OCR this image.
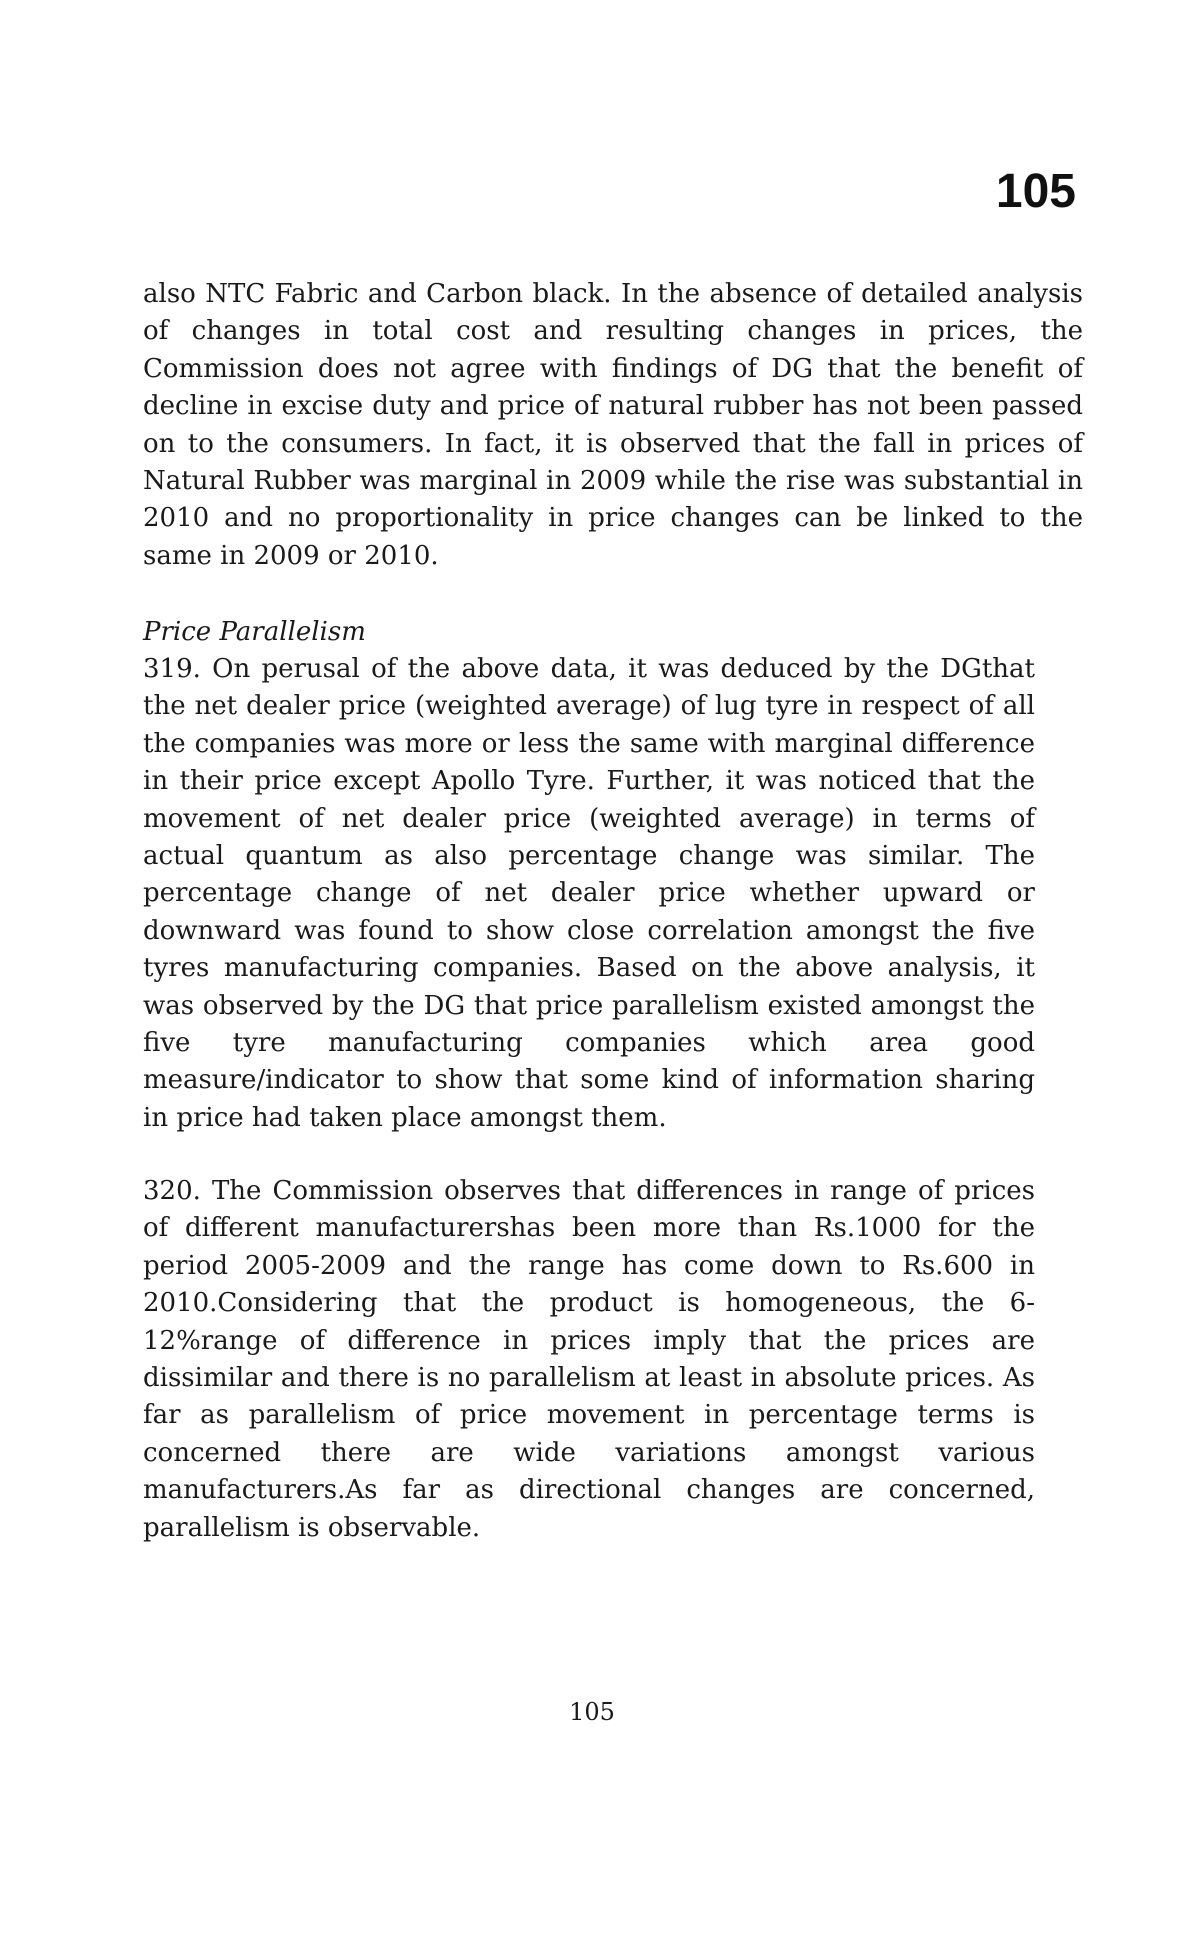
105

also NTC Fabric and Carbon black. In the absence of detailed analysis of changes in total cost and resulting changes in prices, the Commission does not agree with findings of DG that the benefit of decline in excise duty and price of natural rubber has not been passed on to the consumers. In fact, it is observed that the fall in prices of Natural Rubber was marginal in 2009 while the rise was substantial in 2010 and no proportionality in price changes can be linked to the same in 2009 or 2010.

Price Parallelism

319. On perusal of the above data, it was deduced by the DGthat the net dealer price (weighted average) of lug tyre in respect of all the companies was more or less the same with marginal difference in their price except Apollo Tyre. Further, it was noticed that the movement of net dealer price (weighted average) in terms of actual quantum as also percentage change was similar. The percentage change of net dealer price whether upward or downward was found to show close correlation amongst the five tyres manufacturing companies. Based on the above analysis, it was observed by the DG that price parallelism existed amongst the five tyre manufacturing companies which area good measure/indicator to show that some kind of information sharing in price had taken place amongst them.

320. The Commission observes that differences in range of prices of different manufacturershas been more than Rs.1000 for the period 2005-2009 and the range has come down to Rs.600 in 2010.Considering that the product is homogeneous, the 6-12%range of difference in prices imply that the prices are dissimilar and there is no parallelism at least in absolute prices. As far as parallelism of price movement in percentage terms is concerned there are wide variations amongst various manufacturers.As far as directional changes are concerned, parallelism is observable.

105
